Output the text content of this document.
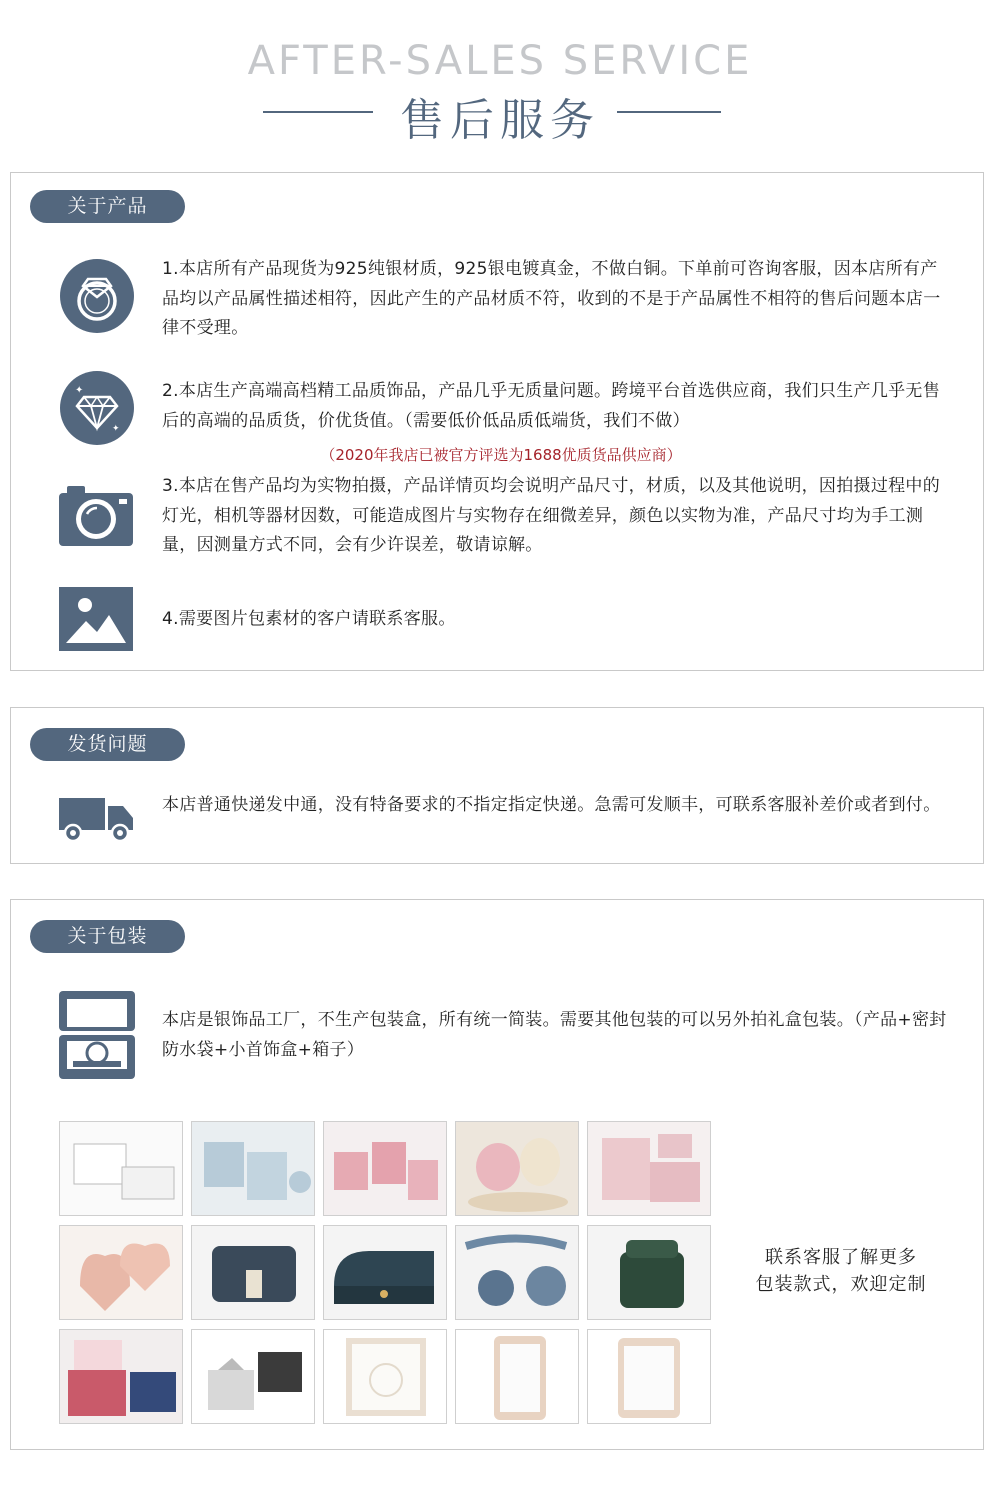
AFTER-SALES SERVICE
售后服务
关于产品
1.本店所有产品现货为925纯银材质，925银电镀真金，不做白铜。下单前可咨询客服，因本店所有产品均以产品属性描述相符，因此产生的产品材质不符，收到的不是于产品属性不相符的售后问题本店一律不受理。
✦
✦
2.本店生产高端高档精工品质饰品，产品几乎无质量问题。跨境平台首选供应商，我们只生产几乎无售后的高端的品质货，价优货值。（需要低价低品质低端货，我们不做）
（2020年我店已被官方评选为1688优质货品供应商）
3.本店在售产品均为实物拍摄，产品详情页均会说明产品尺寸，材质，以及其他说明，因拍摄过程中的灯光，相机等器材因数，可能造成图片与实物存在细微差异，颜色以实物为准，产品尺寸均为手工测量，因测量方式不同，会有少许误差，敬请谅解。
4.需要图片包素材的客户请联系客服。
发货问题
本店普通快递发中通，没有特备要求的不指定指定快递。急需可发顺丰，可联系客服补差价或者到付。
关于包装
本店是银饰品工厂，不生产包装盒，所有统一简装。需要其他包装的可以另外拍礼盒包装。（产品+密封防水袋+小首饰盒+箱子）
联系客服了解更多
包装款式，欢迎定制
